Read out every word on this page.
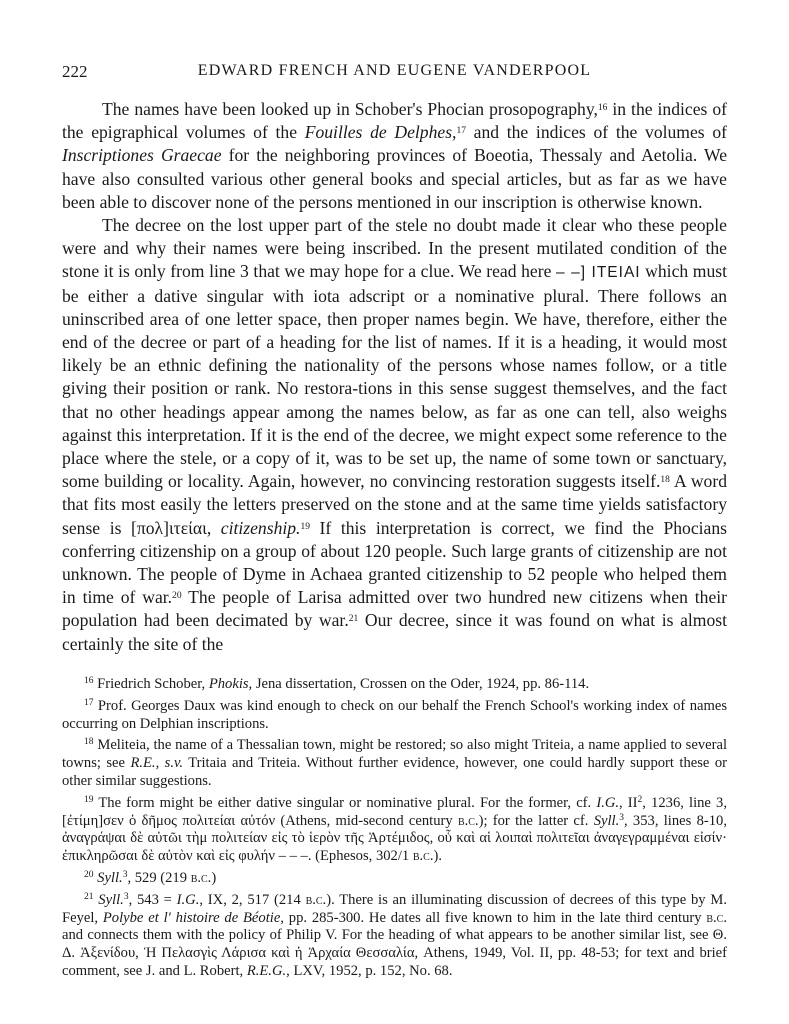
222	EDWARD FRENCH AND EUGENE VANDERPOOL

The names have been looked up in Schober's Phocian prosopography,$^{16}$ in the indices of the epigraphical volumes of the Fouilles de Delphes,$^{17}$ and the indices of the volumes of Inscriptiones Graecae for the neighboring provinces of Boeotia, Thessaly and Aetolia. We have also consulted various other general books and special articles, but as far as we have been able to discover none of the persons mentioned in our inscription is otherwise known.

The decree on the lost upper part of the stele no doubt made it clear who these people were and why their names were being inscribed. In the present mutilated condition of the stone it is only from line 3 that we may hope for a clue. We read here – –] ΙΤΕΙΑΙ which must be either a dative singular with iota adscript or a nominative plural. There follows an uninscribed area of one letter space, then proper names begin. We have, therefore, either the end of the decree or part of a heading for the list of names. If it is a heading, it would most likely be an ethnic defining the nationality of the persons whose names follow, or a title giving their position or rank. No restora-tions in this sense suggest themselves, and the fact that no other headings appear among the names below, as far as one can tell, also weighs against this interpretation. If it is the end of the decree, we might expect some reference to the place where the stele, or a copy of it, was to be set up, the name of some town or sanctuary, some building or locality. Again, however, no convincing restoration suggests itself.$^{18}$ A word that fits most easily the letters preserved on the stone and at the same time yields satisfactory sense is [πολ]ιτείαι, citizenship.$^{19}$ If this interpretation is correct, we find the Phocians conferring citizenship on a group of about 120 people. Such large grants of citizenship are not unknown. The people of Dyme in Achaea granted citizenship to 52 people who helped them in time of war.$^{20}$ The people of Larisa admitted over two hundred new citizens when their population had been decimated by war.$^{21}$ Our decree, since it was found on what is almost certainly the site of the

$^{16}$ Friedrich Schober, Phokis, Jena dissertation, Crossen on the Oder, 1924, pp. 86-114.

$^{17}$ Prof. Georges Daux was kind enough to check on our behalf the French School's working index of names occurring on Delphian inscriptions.

$^{18}$ Meliteia, the name of a Thessalian town, might be restored; so also might Triteia, a name applied to several towns; see R.E., s.v. Tritaia and Triteia. Without further evidence, however, one could hardly support these or other similar suggestions.

$^{19}$ The form might be either dative singular or nominative plural. For the former, cf. I.G., $II^2$, 1236, line 3, [ἐτίμη]σεν ὁ δῆμος πολιτείαι αὐτόν (Athens, mid-second century b.c.); for the latter cf. Syll.$^3$, 353, lines 8-10, ἀναγράψαι δὲ αὐτῶι τὴμ πολιτείαν εἰς τὸ ἱερὸν τῆς Ἀρτέμιδος, οὗ καὶ αἱ λοιπαὶ πολιτεῖαι ἀναγεγραμμέναι εἰσίν· ἐπικληρῶσαι δὲ αὐτὸν καὶ εἰς φυλήν – – –. (Ephesos, 302/1 b.c.).

$^{20}$ Syll.$^3$, 529 (219 b.c.)

$^{21}$ Syll.$^3$, 543 = I.G., IX, 2, 517 (214 b.c.). There is an illuminating discussion of decrees of this type by M. Feyel, Polybe et l' histoire de Béotie, pp. 285-300. He dates all five known to him in the late third century b.c. and connects them with the policy of Philip V. For the heading of what appears to be another similar list, see Θ. Δ. Ἀξενίδου, Ἡ Πελασγὶς Λάρισα καὶ ἡ Ἀρχαία Θεσσαλία, Athens, 1949, Vol. II, pp. 48-53; for text and brief comment, see J. and L. Robert, R.E.G., LXV, 1952, p. 152, No. 68.
